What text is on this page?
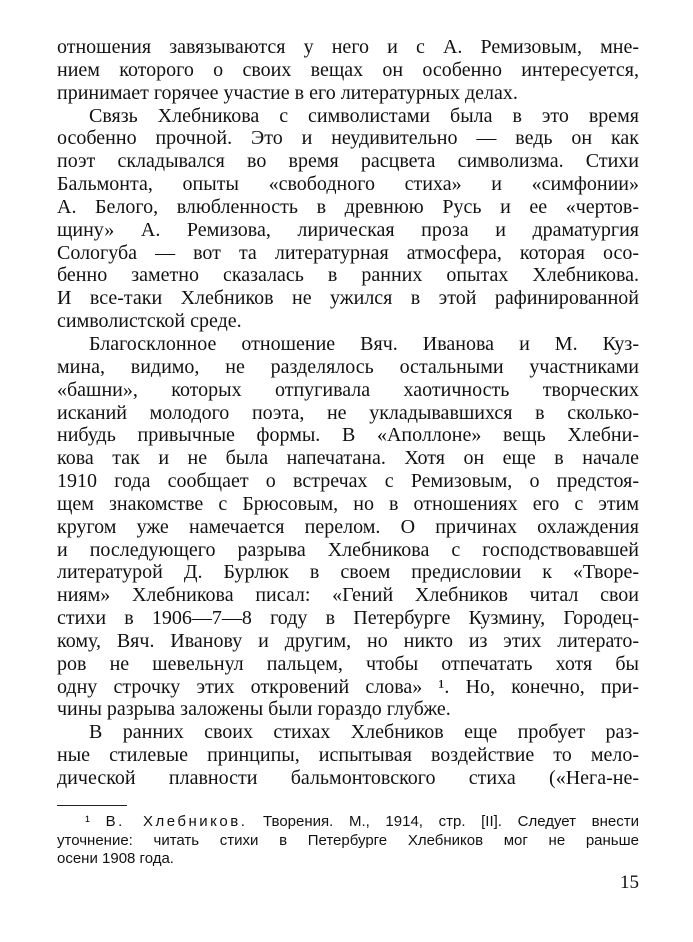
отношения завязываются у него и с А. Ремизовым, мне-
нием которого о своих вещах он особенно интересуется,
принимает горячее участие в его литературных делах.
Связь Хлебникова с символистами была в это время
особенно прочной. Это и неудивительно — ведь он как
поэт складывался во время расцвета символизма. Стихи
Бальмонта, опыты «свободного стиха» и «симфонии»
А. Белого, влюбленность в древнюю Русь и ее «чертов-
щину» А. Ремизова, лирическая проза и драматургия
Сологуба — вот та литературная атмосфера, которая осо-
бенно заметно сказалась в ранних опытах Хлебникова.
И все-таки Хлебников не ужился в этой рафинированной
символистской среде.
Благосклонное отношение Вяч. Иванова и М. Куз-
мина, видимо, не разделялось остальными участниками
«башни», которых отпугивала хаотичность творческих
исканий молодого поэта, не укладывавшихся в сколько-
нибудь привычные формы. В «Аполлоне» вещь Хлебни-
кова так и не была напечатана. Хотя он еще в начале
1910 года сообщает о встречах с Ремизовым, о предстоя-
щем знакомстве с Брюсовым, но в отношениях его с этим
кругом уже намечается перелом. О причинах охлаждения
и последующего разрыва Хлебникова с господствовавшей
литературой Д. Бурлюк в своем предисловии к «Творе-
ниям» Хлебникова писал: «Гений Хлебников читал свои
стихи в 1906—7—8 году в Петербурге Кузмину, Городец-
кому, Вяч. Иванову и другим, но никто из этих литерато-
ров не шевельнул пальцем, чтобы отпечатать хотя бы
одну строчку этих откровений слова» ¹. Но, конечно, при-
чины разрыва заложены были гораздо глубже.
В ранних своих стихах Хлебников еще пробует раз-
ные стилевые принципы, испытывая воздействие то мело-
дической плавности бальмонтовского стиха («Нега-не-
¹ В. Хлебников. Творения. М., 1914, стр. [II]. Следует внести
уточнение: читать стихи в Петербурге Хлебников мог не раньше
осени 1908 года.
15
